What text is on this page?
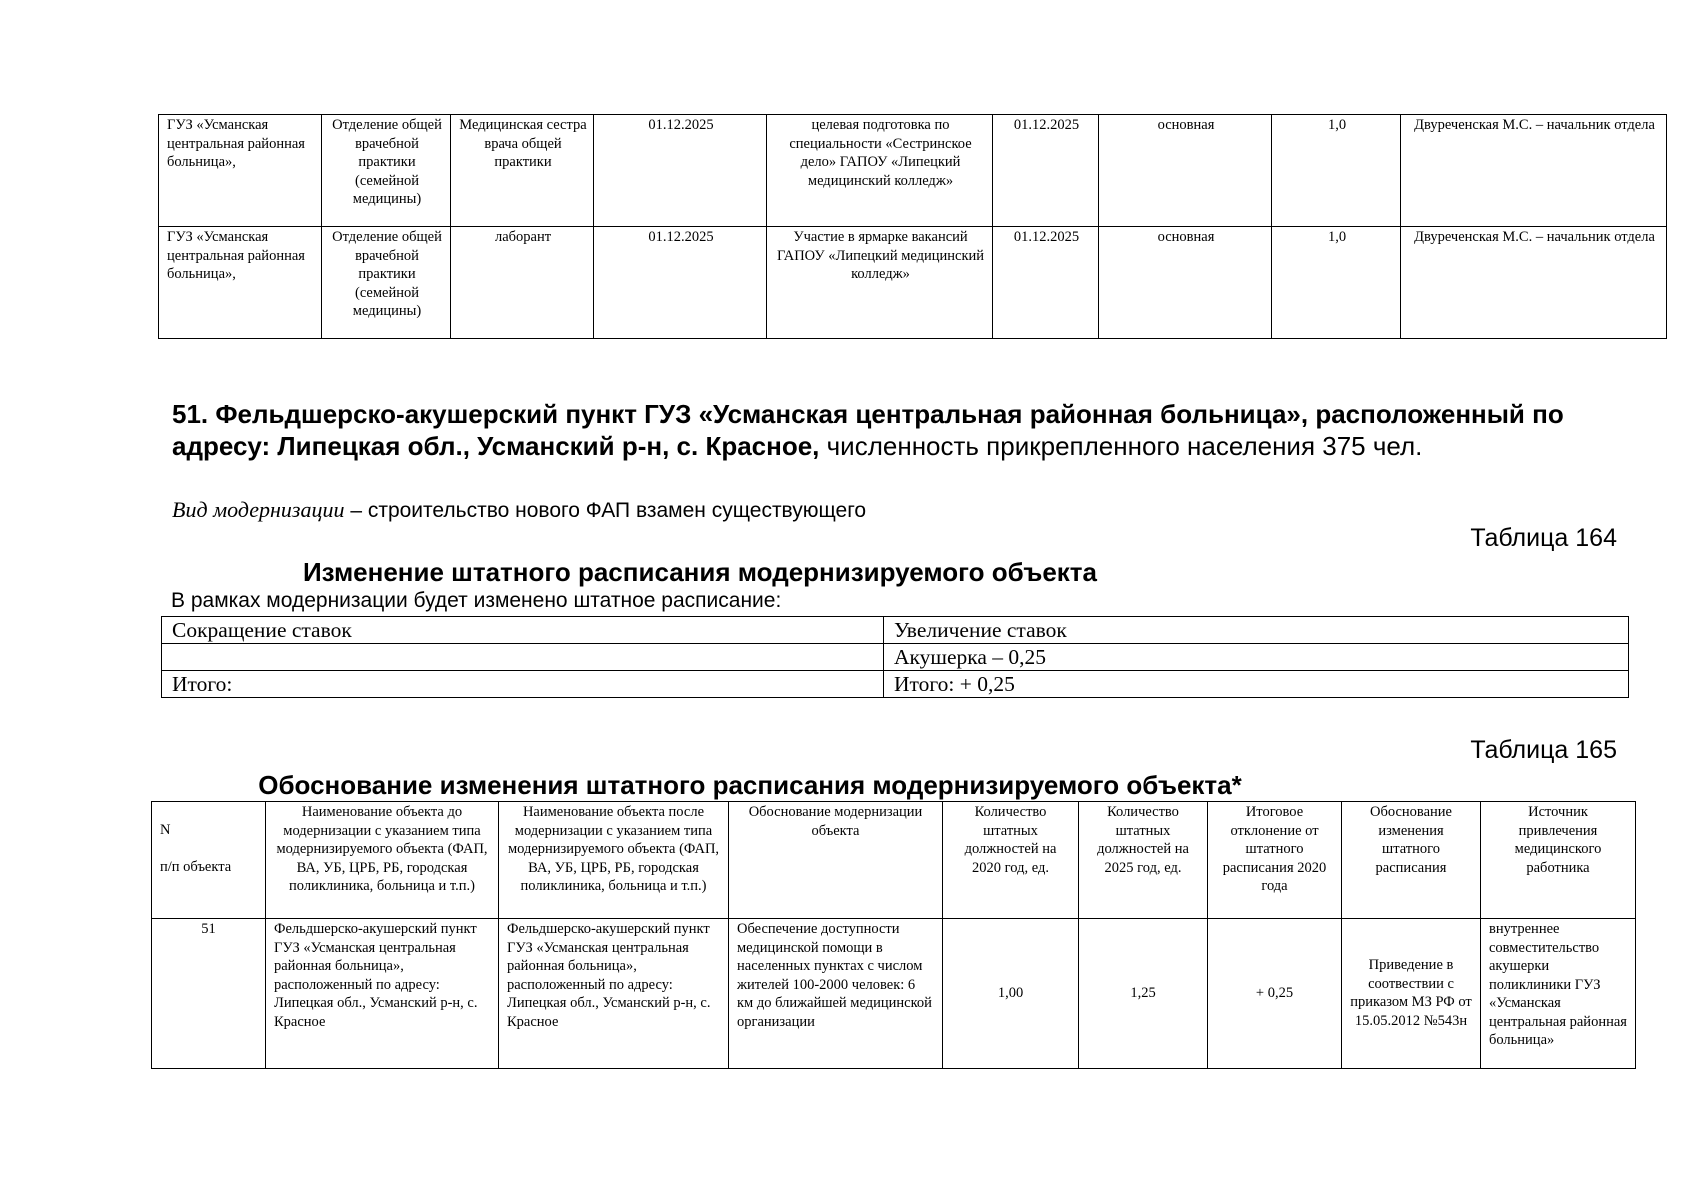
ГУЗ «Усманская центральная районная больница»,	Отделение общей врачебной практики (семейной медицины)	Медицинская сестра врача общей практики	01.12.2025	целевая подготовка по специальности «Сестринское дело» ГАПОУ «Липецкий медицинский колледж»	01.12.2025	основная	1,0	Двуреченская М.С. – начальник отдела
ГУЗ «Усманская центральная районная больница»,	Отделение общей врачебной практики (семейной медицины)	лаборант	01.12.2025	Участие в ярмарке вакансий ГАПОУ «Липецкий медицинский колледж»	01.12.2025	основная	1,0	Двуреченская М.С. – начальник отдела
51. Фельдшерско-акушерский пункт ГУЗ «Усманская центральная районная больница», расположенный по адресу: Липецкая обл., Усманский р-н, с. Красное, численность прикрепленного населения 375 чел.
Вид модернизации – строительство нового ФАП взамен существующего
Таблица 164
Изменение штатного расписания модернизируемого объекта
В рамках модернизации будет изменено штатное расписание:
Сокращение ставок	Увеличение ставок
	Акушерка – 0,25
Итого:	Итого: + 0,25
Таблица 165
Обоснование изменения штатного расписания модернизируемого объекта*
N
п/п объекта	Наименование объекта до модернизации с указанием типа модернизируемого объекта (ФАП, ВА, УБ, ЦРБ, РБ, городская поликлиника, больница и т.п.)	Наименование объекта после модернизации с указанием типа модернизируемого объекта (ФАП, ВА, УБ, ЦРБ, РБ, городская поликлиника, больница и т.п.)	Обоснование модернизации объекта	Количество штатных должностей на 2020 год, ед.	Количество штатных должностей на 2025 год, ед.	Итоговое отклонение от штатного расписания 2020 года	Обоснование изменения штатного расписания	Источник привлечения медицинского работника
51	Фельдшерско-акушерский пункт ГУЗ «Усманская центральная районная больница», расположенный по адресу: Липецкая обл., Усманский р-н, с. Красное	Фельдшерско-акушерский пункт ГУЗ «Усманская центральная районная больница», расположенный по адресу: Липецкая обл., Усманский р-н, с. Красное	Обеспечение доступности медицинской помощи в населенных пунктах с числом жителей 100-2000 человек: 6 км до ближайшей медицинской организации	1,00	1,25	+ 0,25	Приведение в соотвествии с приказом МЗ РФ от 15.05.2012 №543н	внутреннее совместительство акушерки поликлиники ГУЗ «Усманская центральная районная больница»
